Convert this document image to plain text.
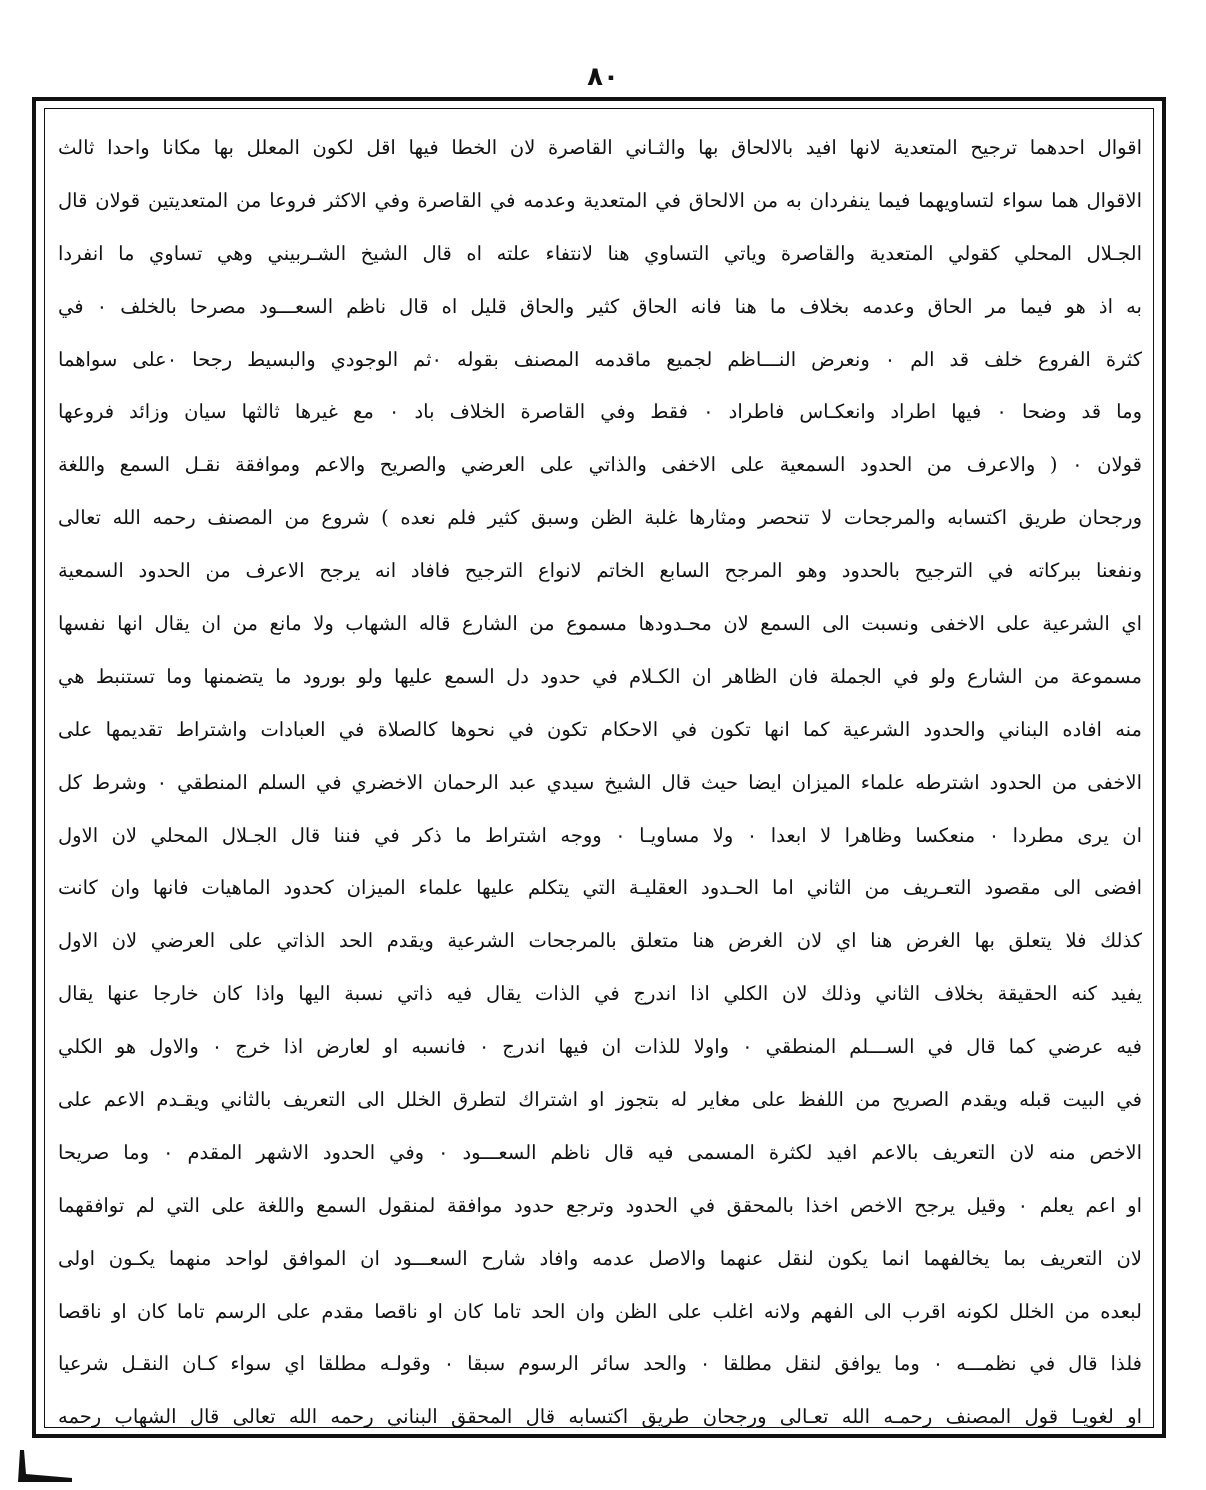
٨٠
اقوال احدهما ترجيح المتعدية لانها افيد بالالحاق بها والثـاني القاصرة لان الخطا فيها اقل لكون المعلل بها مكانا واحدا ثالث
الاقوال هما سواء لتساويهما فيما ينفردان به من الالحاق في المتعدية وعدمه في القاصرة وفي الاكثر فروعا من المتعديتين قولان قال
الجـلال المحلي كقولي المتعدية والقاصرة وياتي التساوي هنا لانتفاء علته اه قال الشيخ الشـربيني وهي تساوي ما انفردا
به اذ هو فيما مر الحاق وعدمه بخلاف ما هنا فانه الحاق كثير والحاق قليل اه قال ناظم السعـــود مصرحا بالخلف ٠ في
كثرة الفروع خلف قد الم ٠ ونعرض النـــاظم لجميع ماقدمه المصنف بقوله ٠ثم الوجودي والبسيط رجحا ٠على سواهما
وما قد وضحا ٠ فيها اطراد وانعكـاس فاطراد ٠ فقط وفي القاصرة الخلاف باد ٠ مع غيرها ثالثها سيان وزائد فروعها
قولان ٠ ( والاعرف من الحدود السمعية على الاخفى والذاتي على العرضي والصريح والاعم وموافقة نقـل السمع واللغة
ورجحان طريق اكتسابه والمرجحات لا تنحصر ومثارها غلبة الظن وسبق كثير فلم نعده ) شروع من المصنف رحمه الله تعالى
ونفعنا ببركاته في الترجيح بالحدود وهو المرجح السابع الخاتم لانواع الترجيح فافاد انه يرجح الاعرف من الحدود السمعية
اي الشرعية على الاخفى ونسبت الى السمع لان محـدودها مسموع من الشارع قاله الشهاب ولا مانع من ان يقال انها نفسها
مسموعة من الشارع ولو في الجملة فان الظاهر ان الكـلام في حدود دل السمع عليها ولو بورود ما يتضمنها وما تستنبط هي
منه افاده البناني والحدود الشرعية كما انها تكون في الاحكام تكون في نحوها كالصلاة في العبادات واشتراط تقديمها على
الاخفى من الحدود اشترطه علماء الميزان ايضا حيث قال الشيخ سيدي عبد الرحمان الاخضري في السلم المنطقي ٠ وشرط كل
ان يرى مطردا ٠ منعكسا وظاهرا لا ابعدا ٠ ولا مساويـا ٠ ووجه اشتراط ما ذكر في فننا قال الجـلال المحلي لان الاول
افضى الى مقصود التعـريف من الثاني اما الحـدود العقليـة التي يتكلم عليها علماء الميزان كحدود الماهيات فانها وان كانت
كذلك فلا يتعلق بها الغرض هنا اي لان الغرض هنا متعلق بالمرجحات الشرعية ويقدم الحد الذاتي على العرضي لان الاول
يفيد كنه الحقيقة بخلاف الثاني وذلك لان الكلي اذا اندرج في الذات يقال فيه ذاتي نسبة اليها واذا كان خارجا عنها يقال
فيه عرضي كما قال في الســـلم المنطقي ٠ واولا للذات ان فيها اندرج ٠ فانسبه او لعارض اذا خرج ٠ والاول هو الكلي
في البيت قبله ويقدم الصريح من اللفظ على مغاير له بتجوز او اشتراك لتطرق الخلل الى التعريف بالثاني ويقـدم الاعم على
الاخص منه لان التعريف بالاعم افيد لكثرة المسمى فيه قال ناظم السعـــود ٠ وفي الحدود الاشهر المقدم ٠ وما صريحا
او اعم يعلم ٠ وقيل يرجح الاخص اخذا بالمحقق في الحدود وترجع حدود موافقة لمنقول السمع واللغة على التي لم توافقهما
لان التعريف بما يخالفهما انما يكون لنقل عنهما والاصل عدمه وافاد شارح السعـــود ان الموافق لواحد منهما يكـون اولى
لبعده من الخلل لكونه اقرب الى الفهم ولانه اغلب على الظن وان الحد تاما كان او ناقصا مقدم على الرسم تاما كان او ناقصا
فلذا قال في نظمـــه ٠ وما يوافق لنقل مطلقا ٠ والحد سائر الرسوم سبقا ٠ وقولـه مطلقا اي سواء كـان النقـل شرعيا
او لغويـا قول المصنف رحمـه الله تعـالى ورجحان طريق اكتسابه قال المحقق البناني رحمه الله تعالى قال الشهاب رحمه
